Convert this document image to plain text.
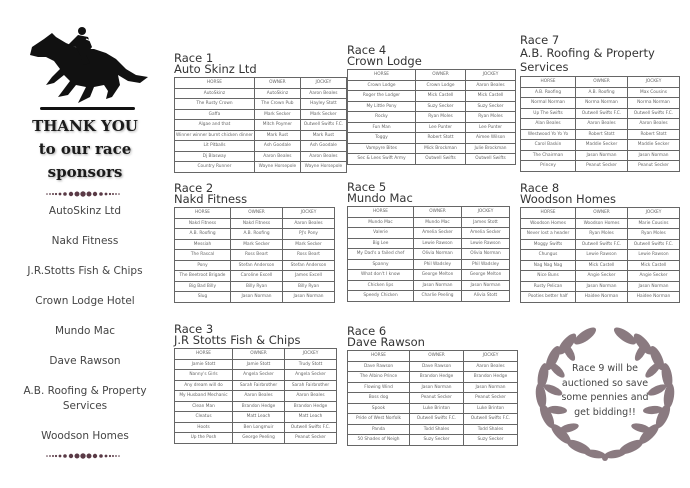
THANK YOU
to our race
sponsors
AutoSkinz Ltd
Nakd Fitness
J.R.Stotts Fish & Chips
Crown Lodge Hotel
Mundo Mac
Dave Rawson
A.B. Roofing & Property Services
Woodson Homes
Race 1
Auto Skinz Ltd
HORSE	OWNER	JOCKEY
AutoSkinz	AutoSkinz	Aaron Beales
The Rusty Crown	The Crown Pub	Hayley Stott
Gaffa	Mark Secker	Mark Secker
Algae and that	Mitch Poymer	Outwell Swifts F.C.
Winner winner burnt chicken dinner	Mark Rust	Mark Rust
Lit Pitballs	Ash Goodale	Ash Goodale
Dj Blasway	Aaron Beales	Aaron Beales
Country Runner	Wayne Horsepole	Wayne Horsepole
Race 2
Nakd Fitness
HORSE	OWNER	JOCKEY
Nakd Fitness	Nakd Fitness	Aaron Beales
A.B. Roofing	A.B. Roofing	PJ's Pony
Messiah	Mark Secker	Mark Secker
The Rascal	Ross Beart	Ross Beart
Pony	Stefan Anderson	Stefan Anderson
The Beetroot Brigade	Caroline Excell	James Excell
Big Bad Billy	Billy Ryan	Billy Ryan
Slug	Jason Norman	Jason Norman
Race 3
J.R Stotts Fish & Chips
HORSE	OWNER	JOCKEY
Jamie Stott	Jamie Stott	Trudy Stott
Nanny's Girls	Angela Secker	Angela Secker
Any dream will do	Sarah Fairbrother	Sarah Fairbrother
My Husband Mechanic	Aaron Beales	Aaron Beales
Clean Man	Brandon Hedge	Brandon Hedge
Cleatus	Matt Leach	Matt Leach
Hoots	Ben Longmuir	Outwell Swifts F.C.
Up the Posh	George Peeling	Peanut Secker
Race 4
Crown Lodge
HORSE	OWNER	JOCKEY
Crown Lodge	Crown Lodge	Aaron Beales
Roger the Lodger	Mick Castell	Mick Castell
My Little Pony	Suzy Secker	Suzy Secker
Rocky	Ryan Moles	Ryan Moles
Fun Man	Lee Punter	Lee Punter
Toggy	Robert Stott	Aimee Wilson
Vampyre Bites	Mick Brockman	Julie Brockman
Sec & Lees Swift Army	Outwell Swifts	Outwell Swifts
Race 5
Mundo Mac
HORSE	OWNER	JOCKEY
Mundo Mac	Mundo Mac	James Stott
Valerie	Amelia Secker	Amelia Secker
Big Lee	Lewie Rawson	Lewie Rawson
My Dad's a failed chef	Olivia Norman	Olivia Norman
Spanny	Phil Wadsley	Phil Wadsley
What don't I know	George Melton	George Melton
Chicken lips	Jason Norman	Jason Norman
Speedy Chicken	Charlie Peeling	Alivia Stott
Race 6
Dave Rawson
HORSE	OWNER	JOCKEY
Dave Rawson	Dave Rawson	Aaron Beales
The Albino Prince	Brandon Hedge	Brandon Hedge
Flowing Wind	Jason Norman	Jason Norman
Boss dog	Peanut Secker	Peanut Secker
Spook	Luke Brinton	Luke Brinton
Pride of West Norfolk	Outwell Swifts F.C.	Outwell Swifts F.C.
Panda	Todd Shales	Todd Shales
50 Shades of Neigh	Suzy Secker	Suzy Secker
Race 7
A.B. Roofing & Property Services
HORSE	OWNER	JOCKEY
A.B. Roofing	A.B. Roofing	Max Cousins
Normal Norman	Norma Norman	Norma Norman
Up The Swifts	Outwell Swifts F.C.	Outwell Swifts F.C.
Alan Beales	Aaron Beales	Aaron Beales
Westwood Yo Yo Yo	Robert Stott	Robert Stott
Carol Baskin	Maddie Secker	Maddie Secker
The Chairman	Jason Norman	Jason Norman
Princey	Peanut Secker	Peanut Secker
Race 8
Woodson Homes
HORSE	OWNER	JOCKEY
Woodson Homes	Woodson Homes	Marie Cousins
Never lost a header	Ryan Moles	Ryan Moles
Moggy Swifts	Outwell Swifts F.C.	Outwell Swifts F.C.
Chungus	Lewie Rawson	Lewie Rawson
Nag Nag Nag	Mick Castell	Mick Castell
Nice Buns	Angie Secker	Angie Secker
Rusty Pelican	Jason Norman	Jason Norman
Pooties better half	Haidee Norman	Haidee Norman
Race 9 will be
auctioned so save
some pennies and
get bidding!!
